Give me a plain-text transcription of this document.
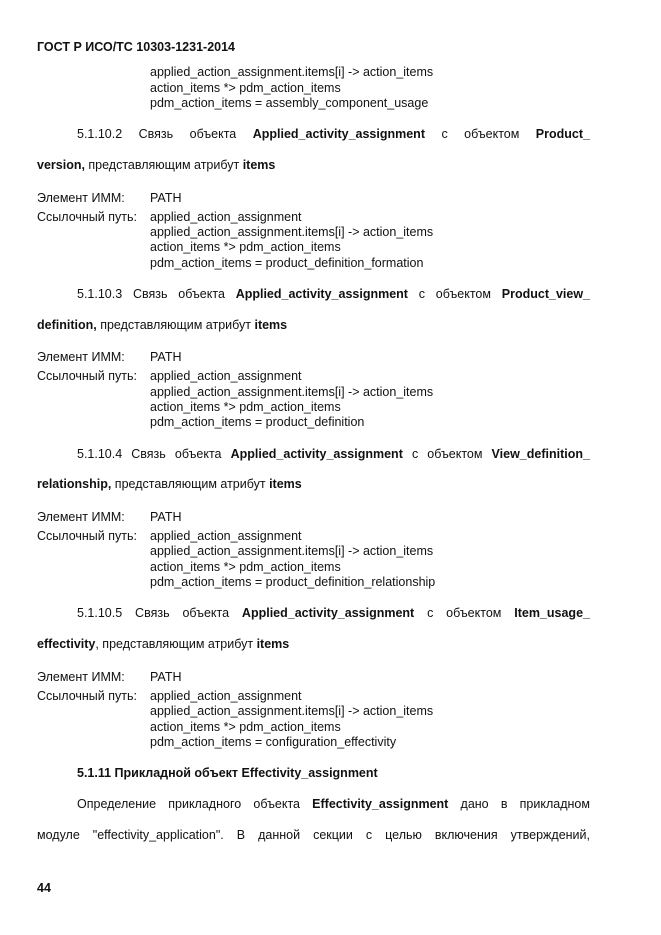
ГОСТ Р ИСО/ТС 10303-1231-2014
applied_action_assignment.items[i] -> action_items
action_items *> pdm_action_items
pdm_action_items = assembly_component_usage
5.1.10.2 Связь объекта Applied_activity_assignment с объектом Product_
version, представляющим атрибут items
Элемент ИММ: PATH
Ссылочный путь: applied_action_assignment
applied_action_assignment.items[i] -> action_items
action_items *> pdm_action_items
pdm_action_items = product_definition_formation
5.1.10.3 Связь объекта Applied_activity_assignment с объектом Product_view_
definition, представляющим атрибут items
Элемент ИММ: PATH
Ссылочный путь: applied_action_assignment
applied_action_assignment.items[i] -> action_items
action_items *> pdm_action_items
pdm_action_items = product_definition
5.1.10.4 Связь объекта Applied_activity_assignment с объектом View_definition_
relationship, представляющим атрибут items
Элемент ИММ: PATH
Ссылочный путь: applied_action_assignment
applied_action_assignment.items[i] -> action_items
action_items *> pdm_action_items
pdm_action_items = product_definition_relationship
5.1.10.5 Связь объекта Applied_activity_assignment с объектом Item_usage_
effectivity, представляющим атрибут items
Элемент ИММ: PATH
Ссылочный путь: applied_action_assignment
applied_action_assignment.items[i] -> action_items
action_items *> pdm_action_items
pdm_action_items = configuration_effectivity
5.1.11 Прикладной объект Effectivity_assignment
Определение прикладного объекта Effectivity_assignment дано в прикладном
модуле "effectivity_application". В данной секции с целью включения утверждений,
44
